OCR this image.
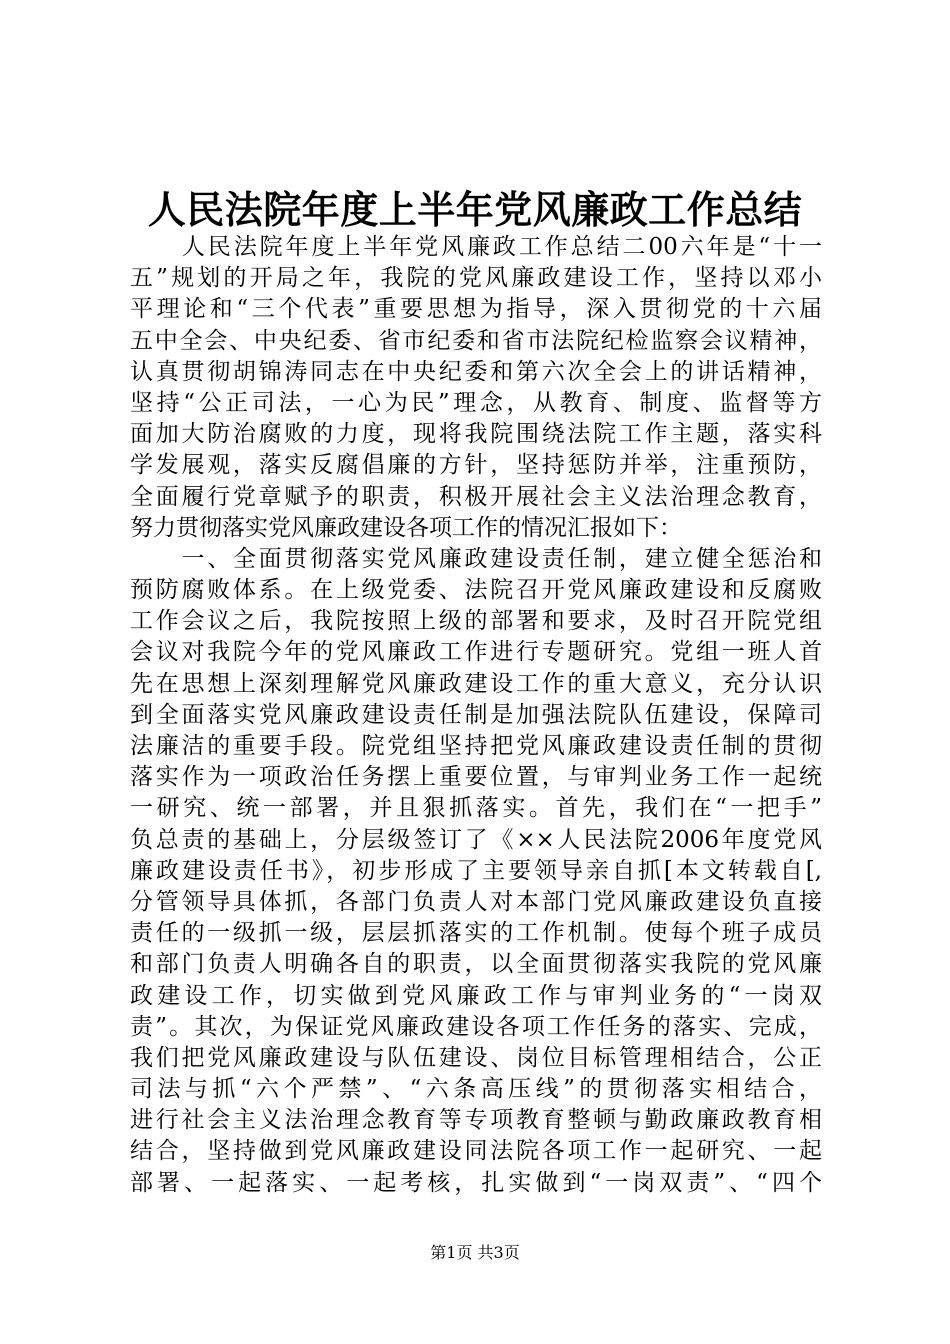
人民法院年度上半年党风廉政工作总结
　　人民法院年度上半年党风廉政工作总结二00六年是“十一
五”规划的开局之年，我院的党风廉政建设工作，坚持以邓小
平理论和“三个代表”重要思想为指导，深入贯彻党的十六届
五中全会、中央纪委、省市纪委和省市法院纪检监察会议精神，
认真贯彻胡锦涛同志在中央纪委和第六次全会上的讲话精神，
坚持“公正司法，一心为民”理念，从教育、制度、监督等方
面加大防治腐败的力度，现将我院围绕法院工作主题，落实科
学发展观，落实反腐倡廉的方针，坚持惩防并举，注重预防，
全面履行党章赋予的职责，积极开展社会主义法治理念教育，
努力贯彻落实党风廉政建设各项工作的情况汇报如下：
　　一、全面贯彻落实党风廉政建设责任制，建立健全惩治和
预防腐败体系。在上级党委、法院召开党风廉政建设和反腐败
工作会议之后，我院按照上级的部署和要求，及时召开院党组
会议对我院今年的党风廉政工作进行专题研究。党组一班人首
先在思想上深刻理解党风廉政建设工作的重大意义，充分认识
到全面落实党风廉政建设责任制是加强法院队伍建设，保障司
法廉洁的重要手段。院党组坚持把党风廉政建设责任制的贯彻
落实作为一项政治任务摆上重要位置，与审判业务工作一起统
一研究、统一部署，并且狠抓落实。首先，我们在“一把手”
负总责的基础上，分层级签订了《××人民法院2006年度党风
廉政建设责任书》，初步形成了主要领导亲自抓[本文转载自[,
分管领导具体抓，各部门负责人对本部门党风廉政建设负直接
责任的一级抓一级，层层抓落实的工作机制。使每个班子成员
和部门负责人明确各自的职责，以全面贯彻落实我院的党风廉
政建设工作，切实做到党风廉政工作与审判业务的“一岗双
责”。其次，为保证党风廉政建设各项工作任务的落实、完成，
我们把党风廉政建设与队伍建设、岗位目标管理相结合，公正
司法与抓“六个严禁”、“六条高压线”的贯彻落实相结合，
进行社会主义法治理念教育等专项教育整顿与勤政廉政教育相
结合，坚持做到党风廉政建设同法院各项工作一起研究、一起
部署、一起落实、一起考核，扎实做到“一岗双责”、“四个
第1页 共3页
